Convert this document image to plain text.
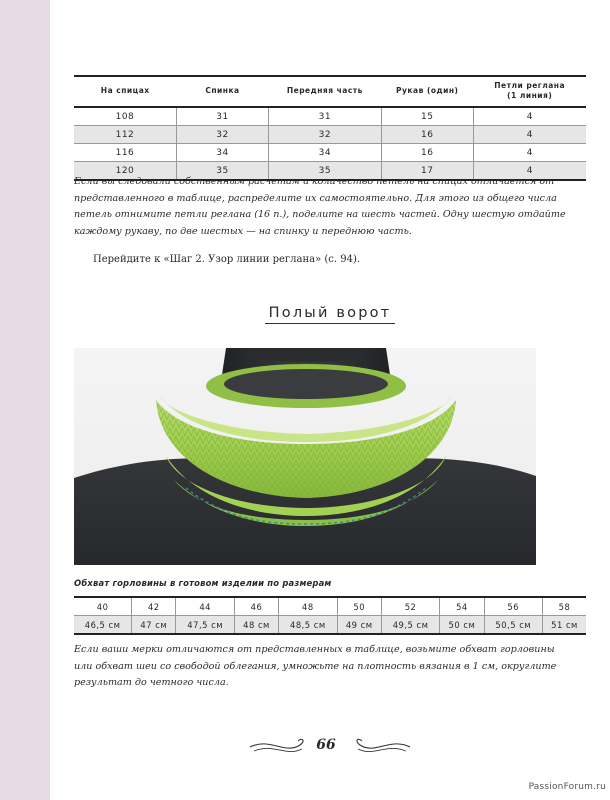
На спицах	Спинка	Передняя часть	Рукав (один)	Петли реглана
(1 линия)
108	31	31	15	4
112	32	32	16	4
116	34	34	16	4
120	35	35	17	4

Если вы следовали собственным расчетам и количество петель на спицах отличается от представленного в таблице, распределите их самостоятельно. Для этого из общего числа петель отнимите петли реглана (16 п.), поделите на шесть частей. Одну шестую отдайте каждому рукаву, по две шестых — на спинку и переднюю часть.

Перейдите к «Шаг 2. Узор линии реглана» (с. 94).

Полый ворот

Обхват горловины в готовом изделии по размерам

40	42	44	46	48	50	52	54	56	58
46,5 см	47 см	47,5 см	48 см	48,5 см	49 см	49,5 см	50 см	50,5 см	51 см

Если ваши мерки отличаются от представленных в таблице, возьмите обхват горловины или обхват шеи со свободой облегания, умножьте на плотность вязания в 1 см, округлите результат до четного числа.

66

PassionForum.ru
